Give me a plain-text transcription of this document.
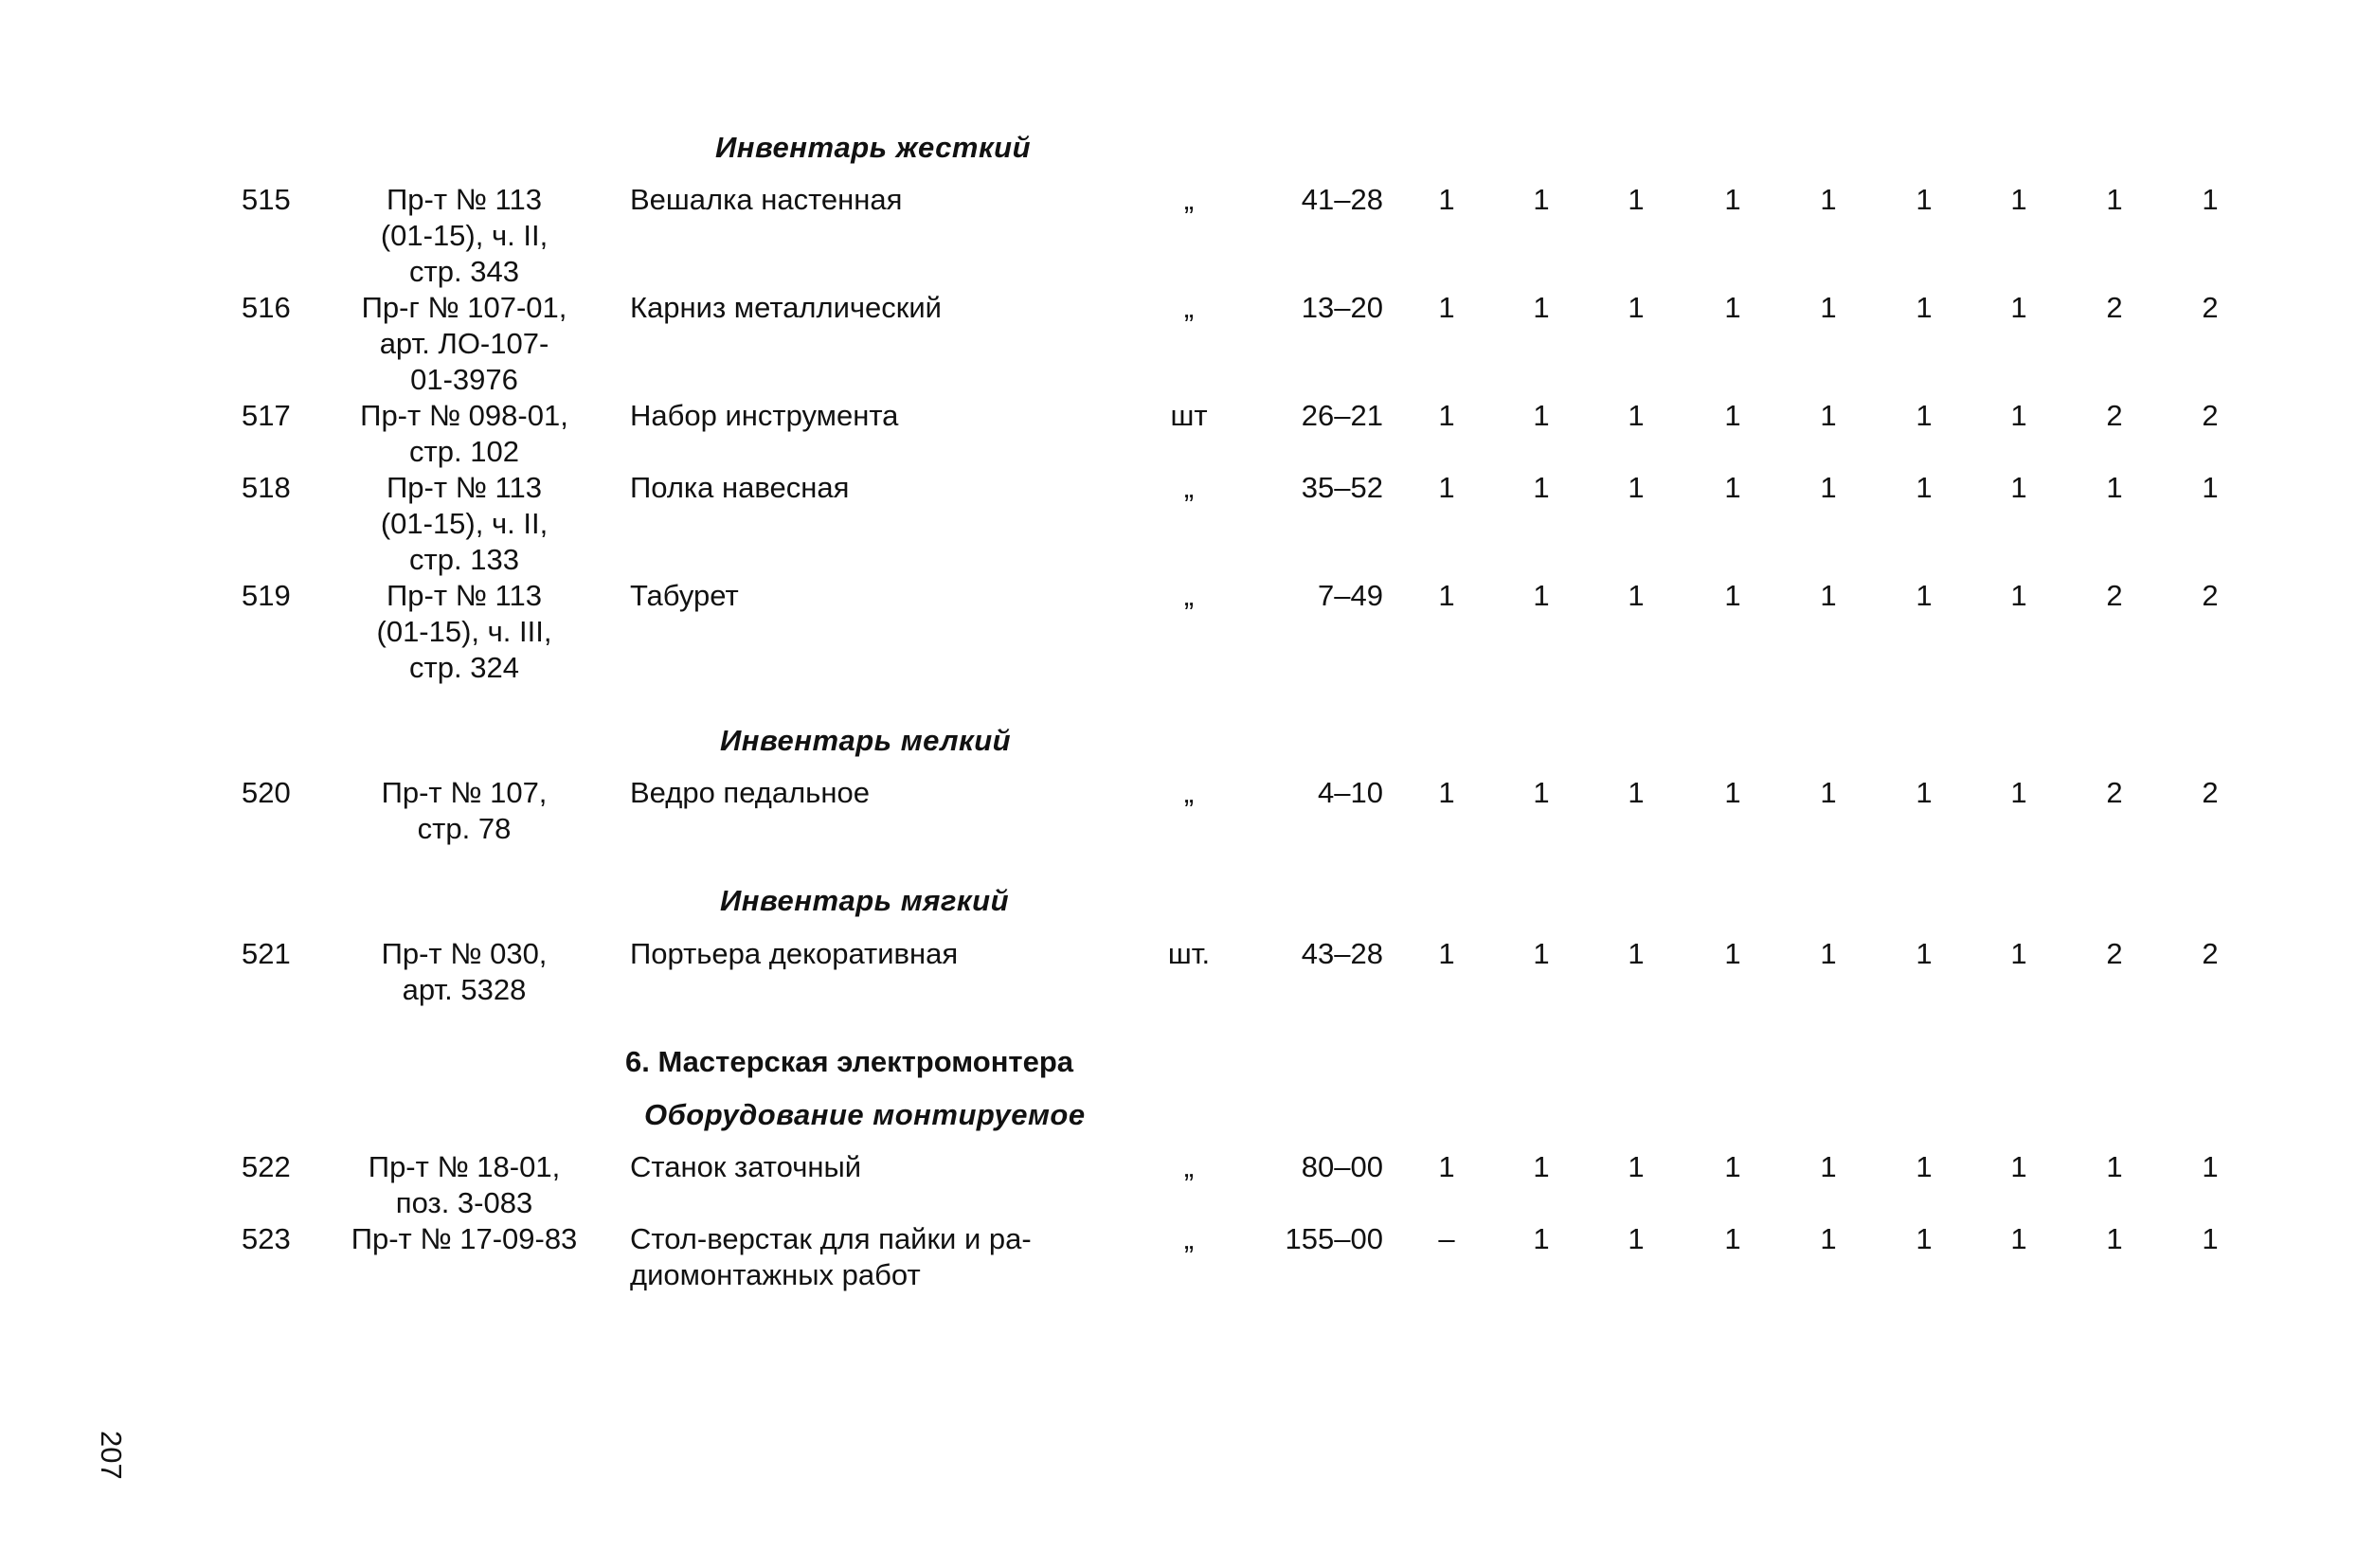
Инвентарь жесткий
515	Пр-т № 113
(01-15), ч. II,
стр. 343
Вешалка настенная	„	41–28	1	1	1	1	1	1	1	1	1
516	Пр-г № 107-01,
арт. ЛО-107-
01-3976
Карниз металлический	„	13–20	1	1	1	1	1	1	1	2	2
517	Пр-т № 098-01,
стр. 102
Набор инструмента	шт	26–21	1	1	1	1	1	1	1	2	2
518	Пр-т № 113
(01-15), ч. II,
стр. 133
Полка навесная	„	35–52	1	1	1	1	1	1	1	1	1
519	Пр-т № 113
(01-15), ч. III,
стр. 324
Табурет	„	7–49	1	1	1	1	1	1	1	2	2
Инвентарь мелкий
520	Пр-т № 107,
стр. 78
Ведро педальное	„	4–10	1	1	1	1	1	1	1	2	2
Инвентарь мягкий
521	Пр-т № 030,
арт. 5328
Портьера декоративная	шт.	43–28	1	1	1	1	1	1	1	2	2
6. Мастерская электромонтера
Оборудование монтируемое
522	Пр-т № 18-01,
поз. 3-083
Станок заточный	„	80–00	1	1	1	1	1	1	1	1	1
523	Пр-т № 17-09-83	Стол-верстак для пайки и ра-
диомонтажных работ
„	155–00	–	1	1	1	1	1	1	1	1
207
